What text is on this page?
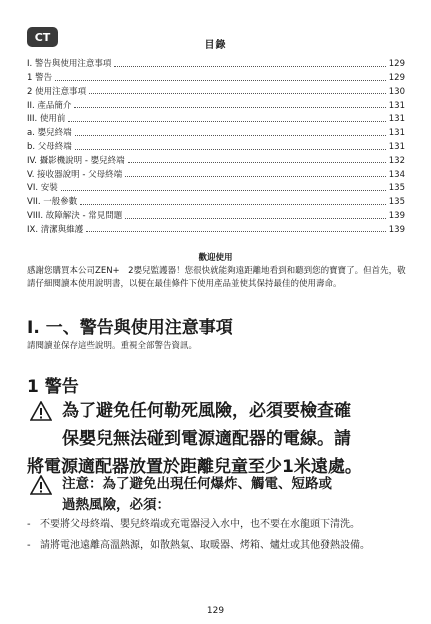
CT
目錄
I. 警告與使用注意事項	129
1 警告	129
2 使用注意事項	130
II. 產品簡介	131
III. 使用前	131
a. 嬰兒終端	131
b. 父母終端	131
IV. 攝影機說明 - 嬰兒終端	132
V. 接收器說明 - 父母終端	134
VI. 安裝	135
VII. 一般參數	135
VIII. 故障解決 - 常見問題	139
IX. 清潔與維護	139
歡迎使用
感謝您購買本公司ZEN+　2嬰兒監護器！您很快就能夠遠距離地看到和聽到您的寶寶了。但首先，敬請仔細閱讀本使用說明書，以便在最佳條件下使用產品並使其保持最佳的使用壽命。
I. 一、警告與使用注意事項
請閱讀並保存這些說明。重視全部警告資訊。
1 警告
為了避免任何勒死風險，必須要檢查確
保嬰兒無法碰到電源適配器的電線。請
將電源適配器放置於距離兒童至少1米遠處。
注意：為了避免出現任何爆炸、觸電、短路或
過熱風險，必須：
- 不要將父母終端、嬰兒終端或充電器浸入水中，也不要在水龍頭下清洗。
- 請將電池遠離高溫熱源，如散熱氣、取暖器、烤箱、爐灶或其他發熱設備。
129
